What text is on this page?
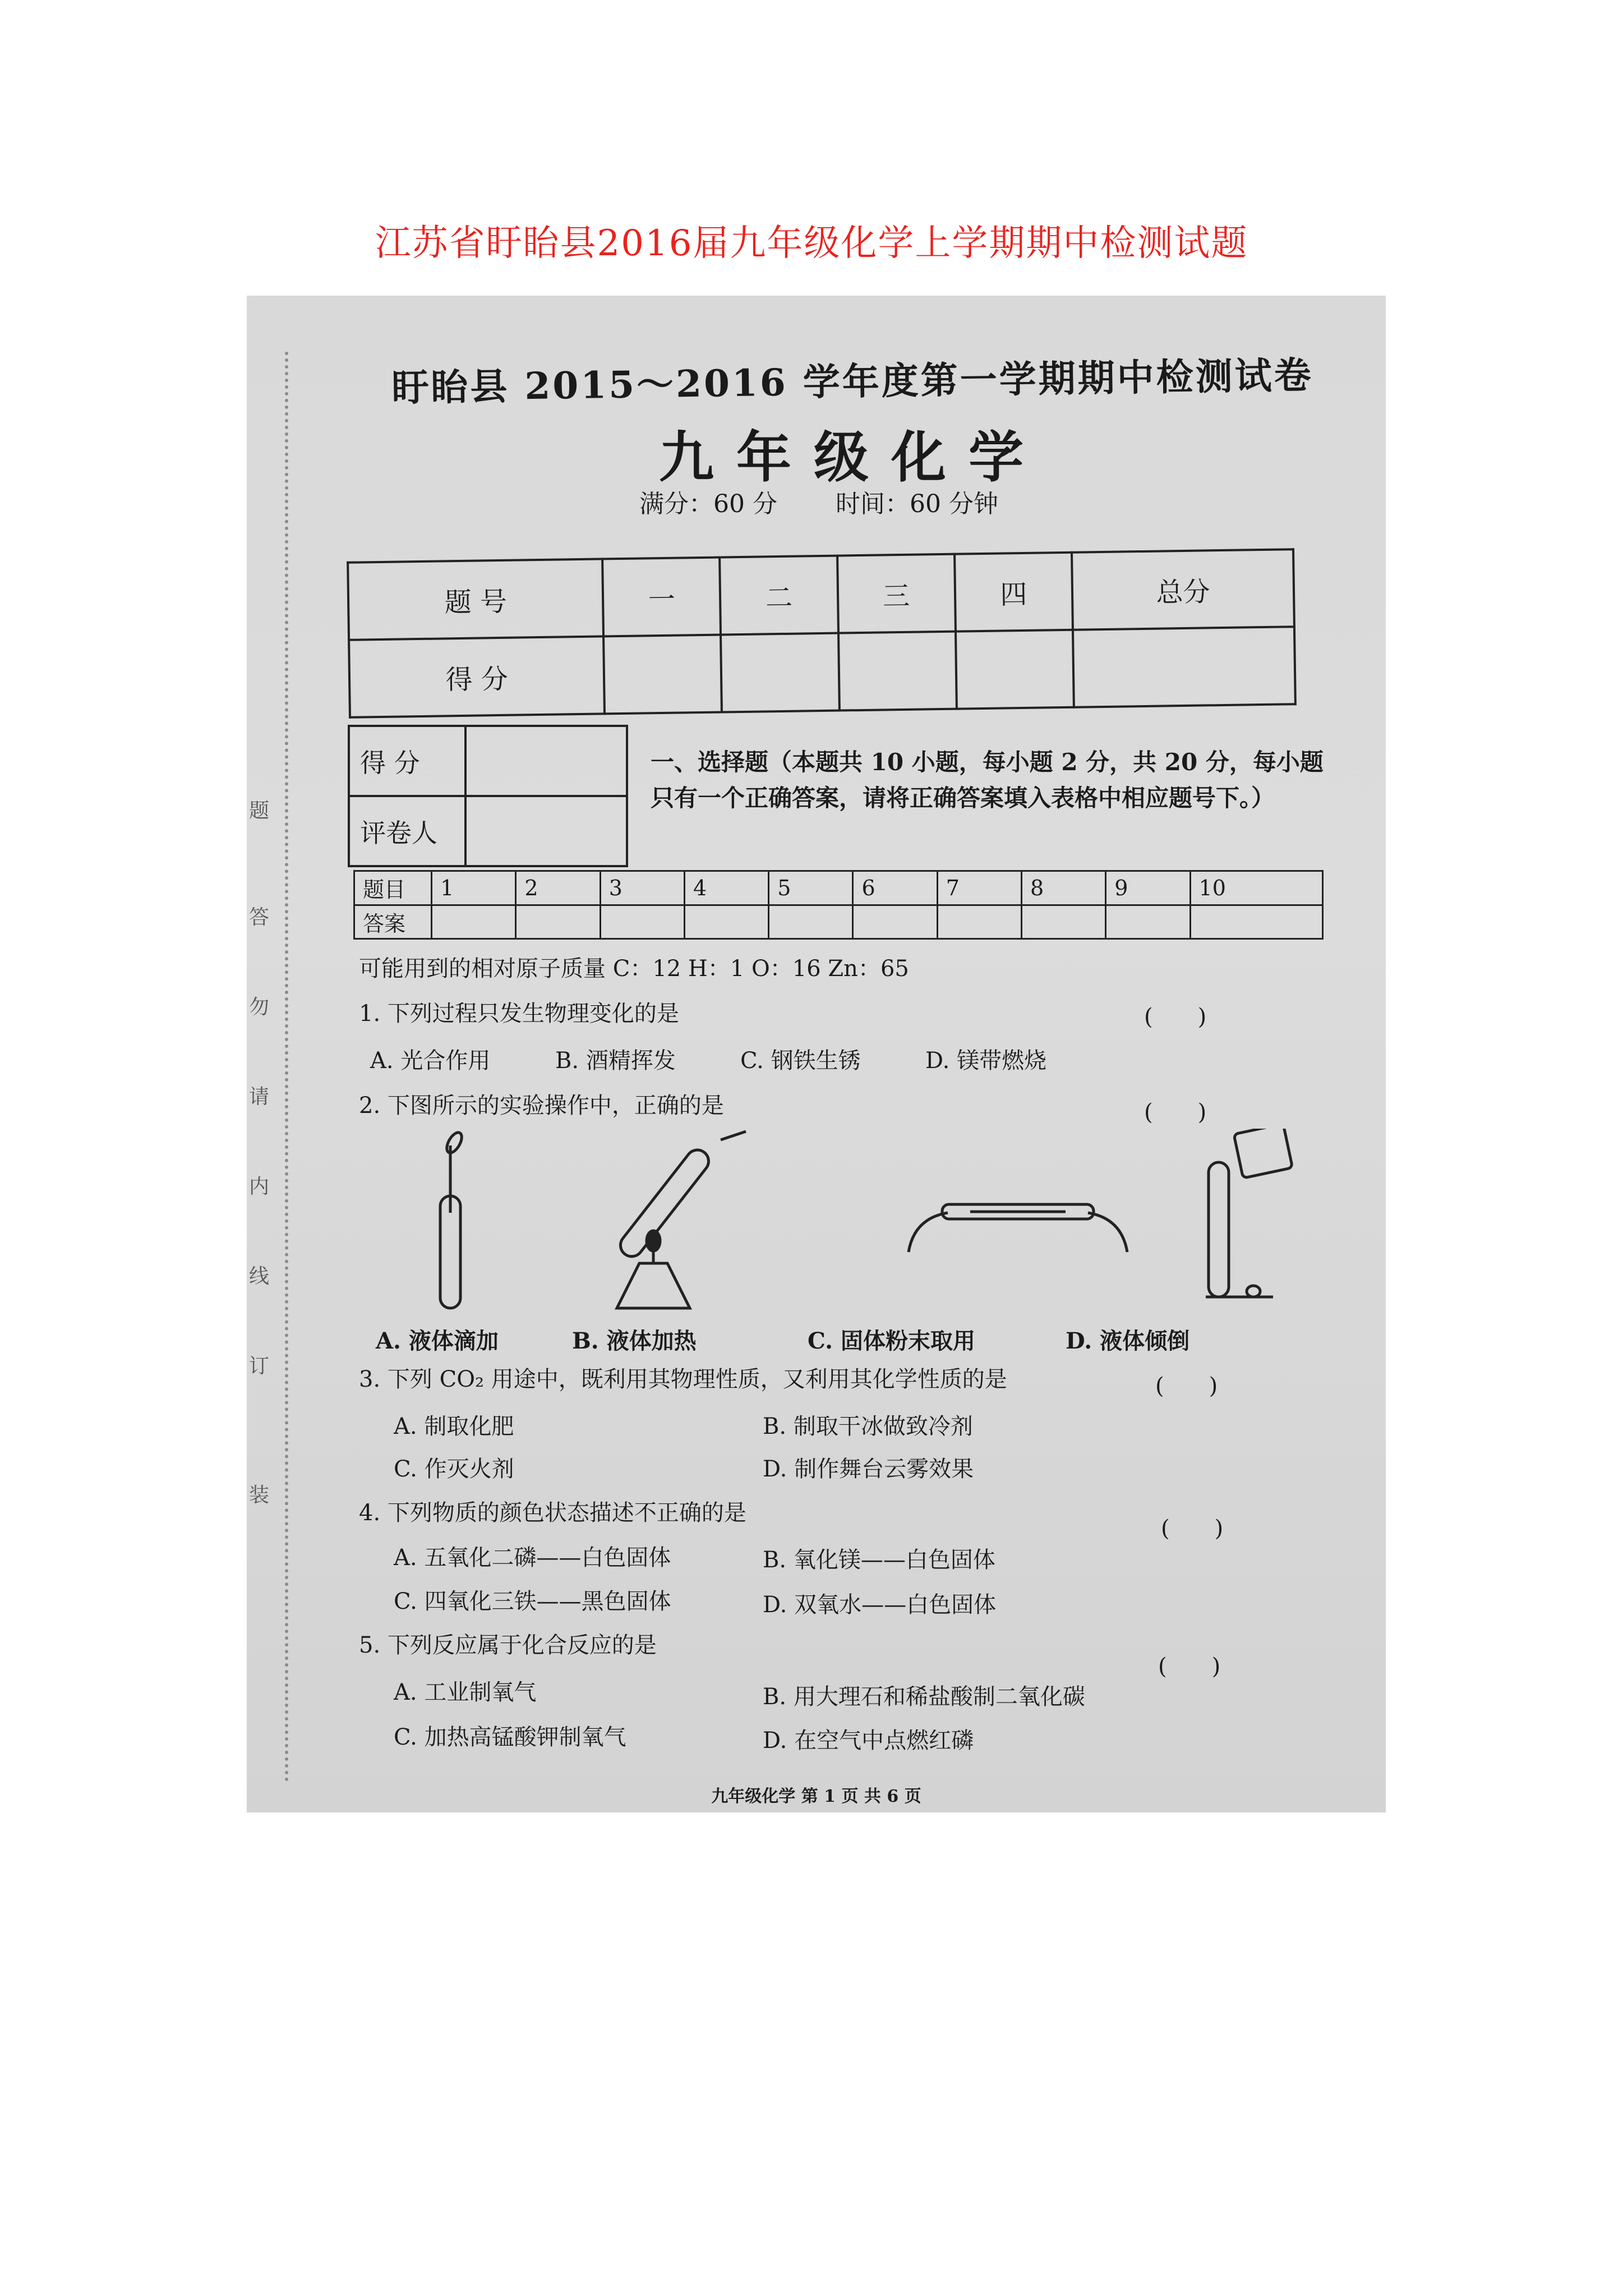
江苏省盱眙县2016届九年级化学上学期期中检测试题
题
答
勿
请
内
线
订
装
盱眙县 2015～2016 学年度第一学期期中检测试卷
九年级化学
满分：60 分 时间：60 分钟
题 号	一	二	三	四	总分
得 分					
得 分	
评卷人	
一、选择题（本题共 10 小题，每小题 2 分，共 20 分，每小题只有一个正确答案，请将正确答案填入表格中相应题号下。）
题目	1	2	3	4	5	6	7	8	9	10
答案										
可能用到的相对原子质量 C：12 H：1 O：16 Zn：65
1. 下列过程只发生物理变化的是	(　　)
A. 光合作用	B. 酒精挥发	C. 钢铁生锈	D. 镁带燃烧
2. 下图所示的实验操作中，正确的是	(　　)
A. 液体滴加	B. 液体加热	C. 固体粉末取用	D. 液体倾倒
3. 下列 CO₂ 用途中，既利用其物理性质，又利用其化学性质的是	(　　)
A. 制取化肥	B. 制取干冰做致冷剂
C. 作灭火剂	D. 制作舞台云雾效果
4. 下列物质的颜色状态描述不正确的是
(　　)
A. 五氧化二磷——白色固体	B. 氧化镁——白色固体
C. 四氧化三铁——黑色固体	D. 双氧水——白色固体
5. 下列反应属于化合反应的是
(　　)
A. 工业制氧气	B. 用大理石和稀盐酸制二氧化碳
C. 加热高锰酸钾制氧气	D. 在空气中点燃红磷
九年级化学 第 1 页 共 6 页
